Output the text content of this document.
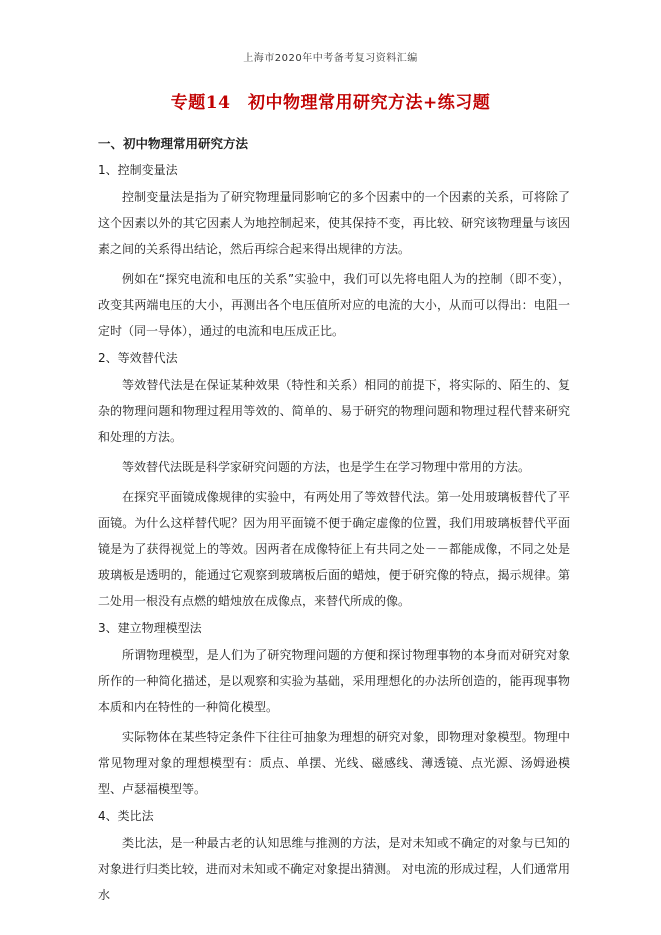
上海市2020年中考备考复习资料汇编
专题14　初中物理常用研究方法+练习题
一、初中物理常用研究方法
1、控制变量法

控制变量法是指为了研究物理量同影响它的多个因素中的一个因素的关系，可将除了这个因素以外的其它因素人为地控制起来，使其保持不变，再比较、研究该物理量与该因素之间的关系得出结论，然后再综合起来得出规律的方法。

例如在“探究电流和电压的关系”实验中，我们可以先将电阻人为的控制（即不变），改变其两端电压的大小，再测出各个电压值所对应的电流的大小，从而可以得出：电阻一定时（同一导体），通过的电流和电压成正比。

2、等效替代法

等效替代法是在保证某种效果（特性和关系）相同的前提下，将实际的、陌生的、复杂的物理问题和物理过程用等效的、简单的、易于研究的物理问题和物理过程代替来研究和处理的方法。

等效替代法既是科学家研究问题的方法，也是学生在学习物理中常用的方法。

在探究平面镜成像规律的实验中，有两处用了等效替代法。第一处用玻璃板替代了平面镜。为什么这样替代呢？因为用平面镜不便于确定虚像的位置，我们用玻璃板替代平面镜是为了获得视觉上的等效。因两者在成像特征上有共同之处－－都能成像，不同之处是玻璃板是透明的，能通过它观察到玻璃板后面的蜡烛，便于研究像的特点，揭示规律。第二处用一根没有点燃的蜡烛放在成像点，来替代所成的像。

3、建立物理模型法

所谓物理模型，是人们为了研究物理问题的方便和探讨物理事物的本身而对研究对象所作的一种简化描述，是以观察和实验为基础，采用理想化的办法所创造的，能再现事物本质和内在特性的一种简化模型。

实际物体在某些特定条件下往往可抽象为理想的研究对象，即物理对象模型。物理中常见物理对象的理想模型有：质点、单摆、光线、磁感线、薄透镜、点光源、汤姆逊模型、卢瑟福模型等。

4、类比法

类比法，是一种最古老的认知思维与推测的方法，是对未知或不确定的对象与已知的对象进行归类比较，进而对未知或不确定对象提出猜测。 对电流的形成过程，人们通常用水
